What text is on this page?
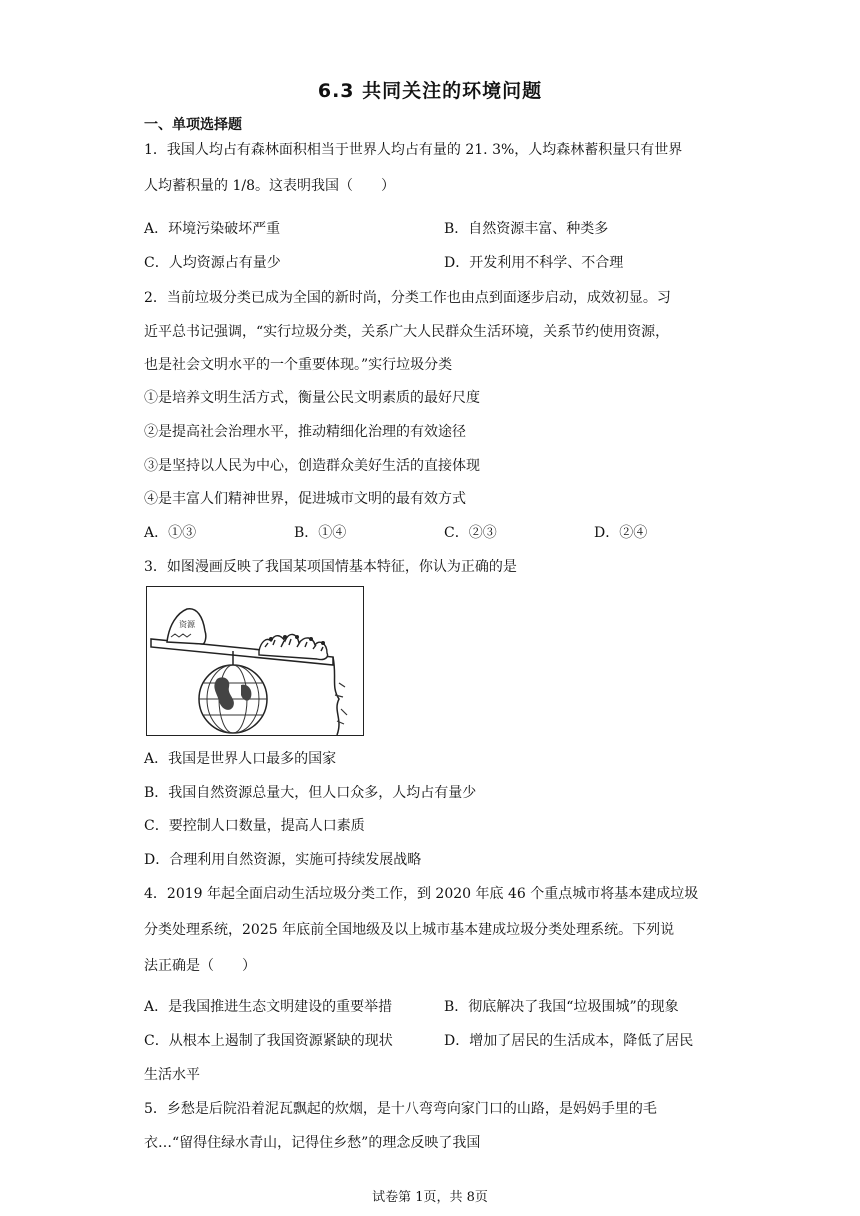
6.3 共同关注的环境问题
一、单项选择题
1．我国人均占有森林面积相当于世界人均占有量的 21. 3%，人均森林蓄积量只有世界
人均蓄积量的 1/8。这表明我国（　　）
A．环境污染破坏严重	B．自然资源丰富、种类多
C．人均资源占有量少	D．开发利用不科学、不合理
2．当前垃圾分类已成为全国的新时尚，分类工作也由点到面逐步启动，成效初显。习
近平总书记强调，“实行垃圾分类，关系广大人民群众生活环境，关系节约使用资源，
也是社会文明水平的一个重要体现。”实行垃圾分类
①是培养文明生活方式，衡量公民文明素质的最好尺度
②是提高社会治理水平，推动精细化治理的有效途径
③是坚持以人民为中心，创造群众美好生活的直接体现
④是丰富人们精神世界，促进城市文明的最有效方式
A．①③	B．①④	C．②③	D．②④
3．如图漫画反映了我国某项国情基本特征，你认为正确的是
资源
A．我国是世界人口最多的国家
B．我国自然资源总量大，但人口众多，人均占有量少
C．要控制人口数量，提高人口素质
D．合理利用自然资源，实施可持续发展战略
4．2019 年起全面启动生活垃圾分类工作，到 2020 年底 46 个重点城市将基本建成垃圾
分类处理系统，2025 年底前全国地级及以上城市基本建成垃圾分类处理系统。下列说
法正确是（　　）
A．是我国推进生态文明建设的重要举措	B．彻底解决了我国“垃圾围城”的现象
C．从根本上遏制了我国资源紧缺的现状	D．增加了居民的生活成本，降低了居民
生活水平
5．乡愁是后院沿着泥瓦飘起的炊烟，是十八弯弯向家门口的山路，是妈妈手里的毛
衣…“留得住绿水青山，记得住乡愁”的理念反映了我国
试卷第 1页，共 8页
